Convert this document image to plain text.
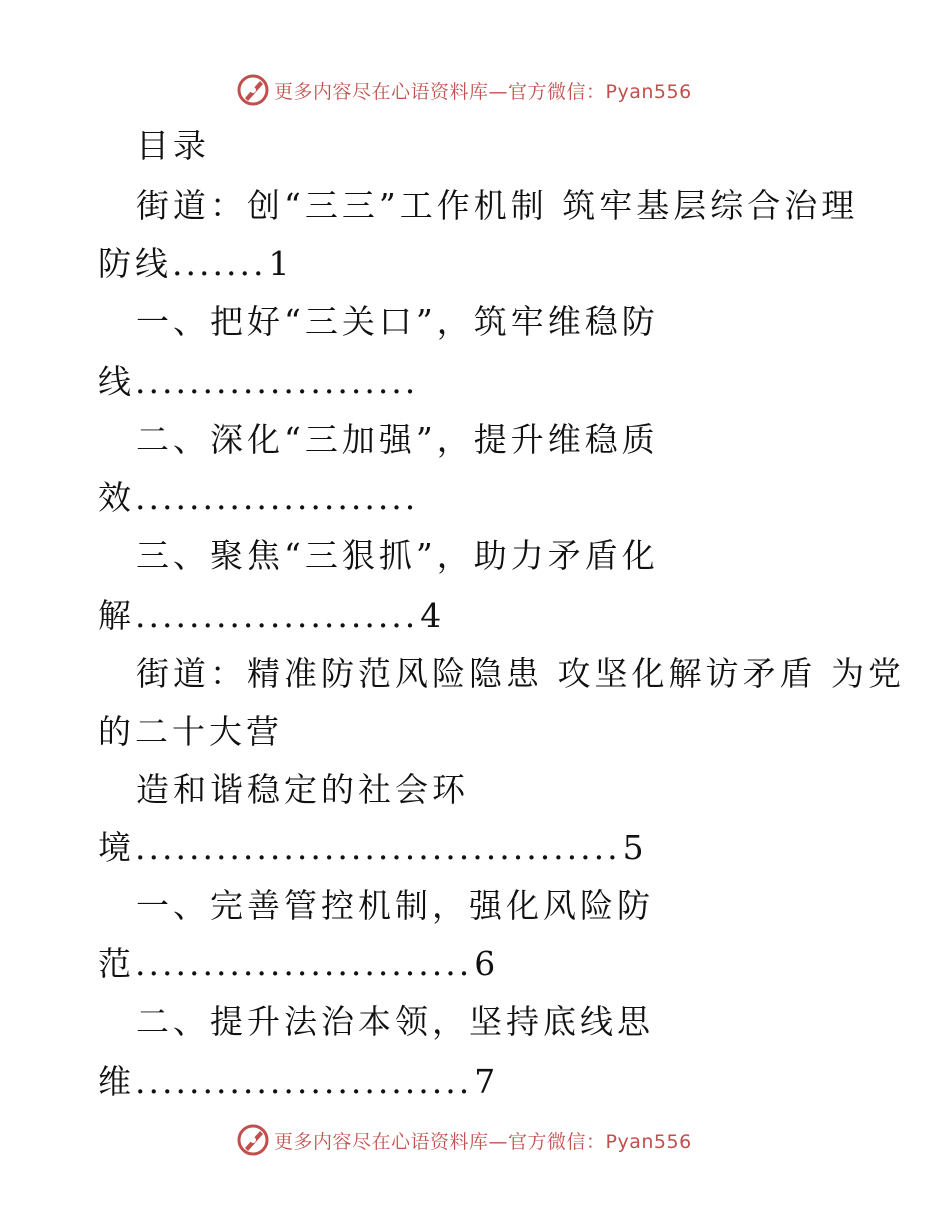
更多内容尽在心语资料库—官方微信：Pyan556
目录
街道：创“三三”工作机制 筑牢基层综合治理
防线.......1
一、把好“三关口”，筑牢维稳防
线.....................
二、深化“三加强”，提升维稳质
效.....................
三、聚焦“三狠抓”，助力矛盾化
解.....................4
街道：精准防范风险隐患 攻坚化解访矛盾 为党
的二十大营
造和谐稳定的社会环
境....................................5
一、完善管控机制，强化风险防
范.........................6
二、提升法治本领，坚持底线思
维.........................7
更多内容尽在心语资料库—官方微信：Pyan556
